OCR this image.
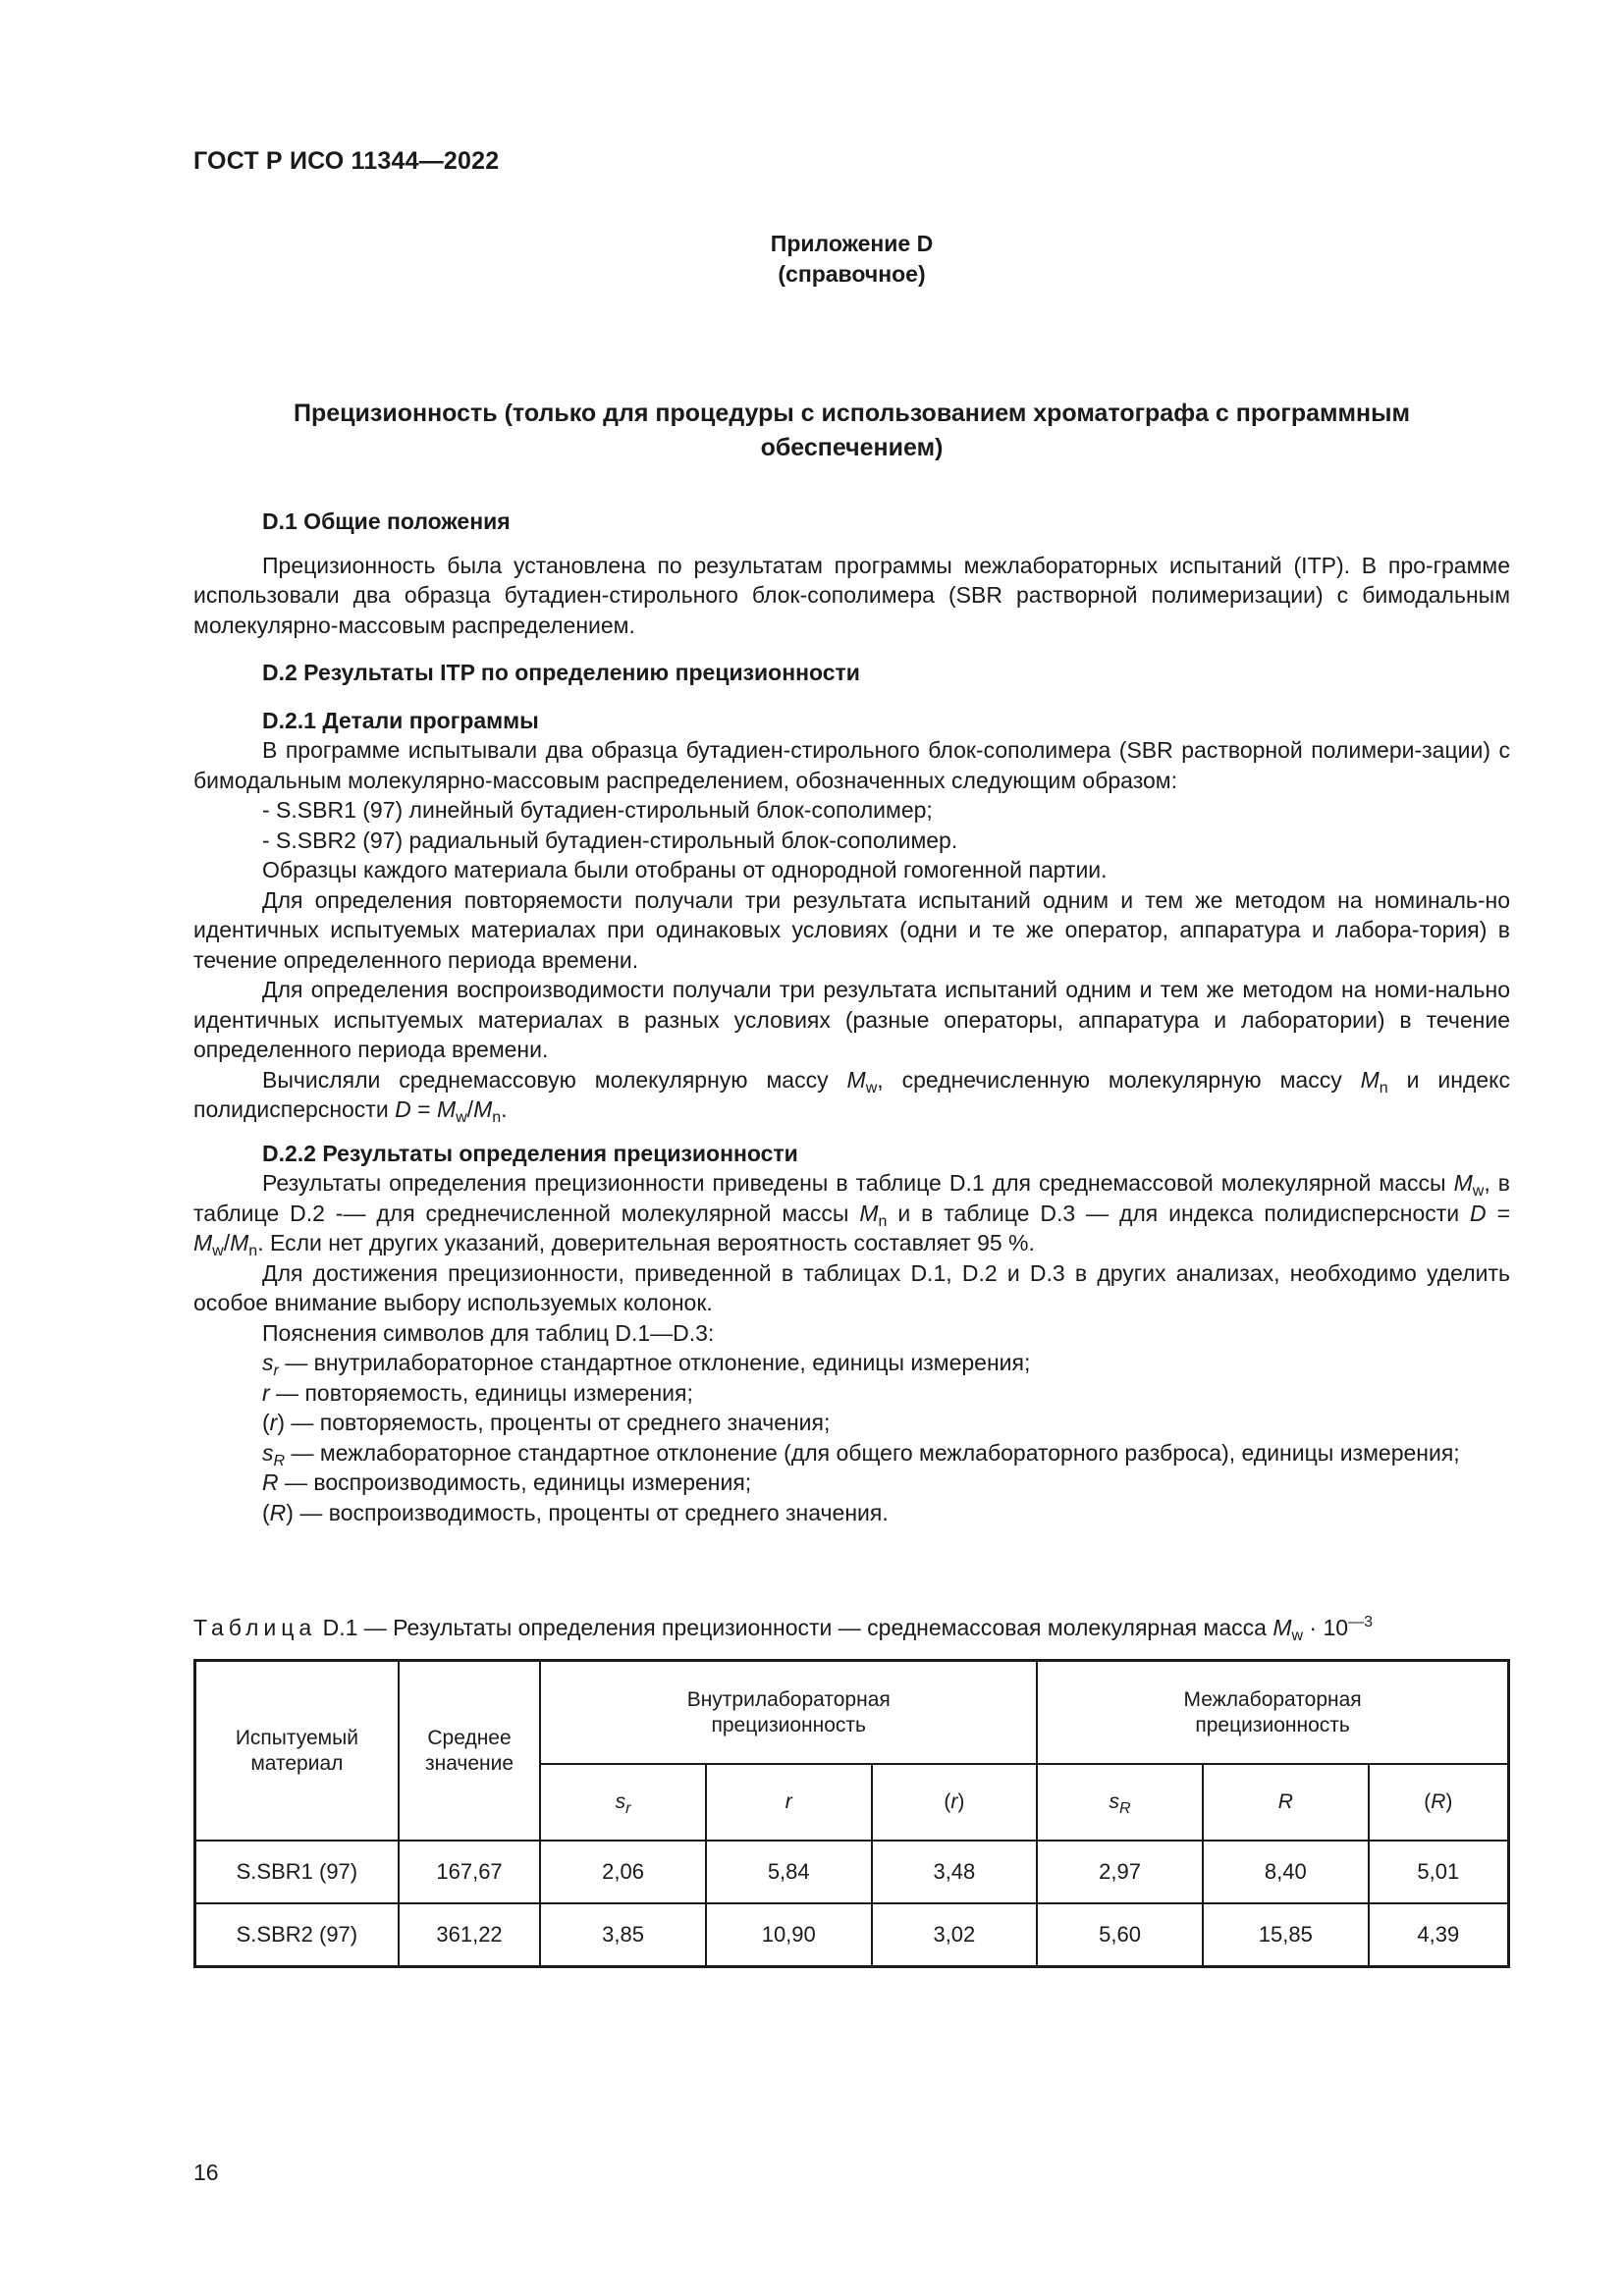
ГОСТ Р ИСО 11344—2022
Приложение D
(справочное)
Прецизионность (только для процедуры с использованием хроматографа с программным
обеспечением)

D.1 Общие положения

Прецизионность была установлена по результатам программы межлабораторных испытаний (ITP). В про-грамме использовали два образца бутадиен-стирольного блок-сополимера (SBR растворной полимеризации) с бимодальным молекулярно-массовым распределением.

D.2 Результаты ITP по определению прецизионности

D.2.1 Детали программы

В программе испытывали два образца бутадиен-стирольного блок-сополимера (SBR растворной полимери-зации) с бимодальным молекулярно-массовым распределением, обозначенных следующим образом:

- S.SBR1 (97) линейный бутадиен-стирольный блок-сополимер;

- S.SBR2 (97) радиальный бутадиен-стирольный блок-сополимер.

Образцы каждого материала были отобраны от однородной гомогенной партии.

Для определения повторяемости получали три результата испытаний одним и тем же методом на номиналь-но идентичных испытуемых материалах при одинаковых условиях (одни и те же оператор, аппаратура и лабора-тория) в течение определенного периода времени.

Для определения воспроизводимости получали три результата испытаний одним и тем же методом на номи-нально идентичных испытуемых материалах в разных условиях (разные операторы, аппаратура и лаборатории) в течение определенного периода времени.

Вычисляли среднемассовую молекулярную массу $M_w$, среднечисленную молекулярную массу $M_n$ и индекс полидисперсности $D = M_w/M_n$.

D.2.2 Результаты определения прецизионности

Результаты определения прецизионности приведены в таблице D.1 для среднемассовой молекулярной массы $M_w$, в таблице D.2 -— для среднечисленной молекулярной массы $M_n$ и в таблице D.3 — для индекса полидисперсности $D = M_w/M_n$. Если нет других указаний, доверительная вероятность составляет 95 %.

Для достижения прецизионности, приведенной в таблицах D.1, D.2 и D.3 в других анализах, необходимо уделить особое внимание выбору используемых колонок.

Пояснения символов для таблиц D.1—D.3:

$s_r$ — внутрилабораторное стандартное отклонение, единицы измерения;

r — повторяемость, единицы измерения;

(r) — повторяемость, проценты от среднего значения;

$s_R$ — межлабораторное стандартное отклонение (для общего межлабораторного разброса), единицы измерения;

R — воспроизводимость, единицы измерения;

(R) — воспроизводимость, проценты от среднего значения.

Таблица D.1 — Результаты определения прецизионности — среднемассовая молекулярная масса $M_w \cdot 10^{—3}$
Испытуемый материал	Среднее значение	Внутрилабораторная прецизионность			Межлабораторная прецизионность		

		$s_r$	r	(r)	$s_R$	R	(R)
S.SBR1 (97)	167,67	2,06	5,84	3,48	2,97	8,40	5,01
S.SBR2 (97)	361,22	3,85	10,90	3,02	5,60	15,85	4,39
16
